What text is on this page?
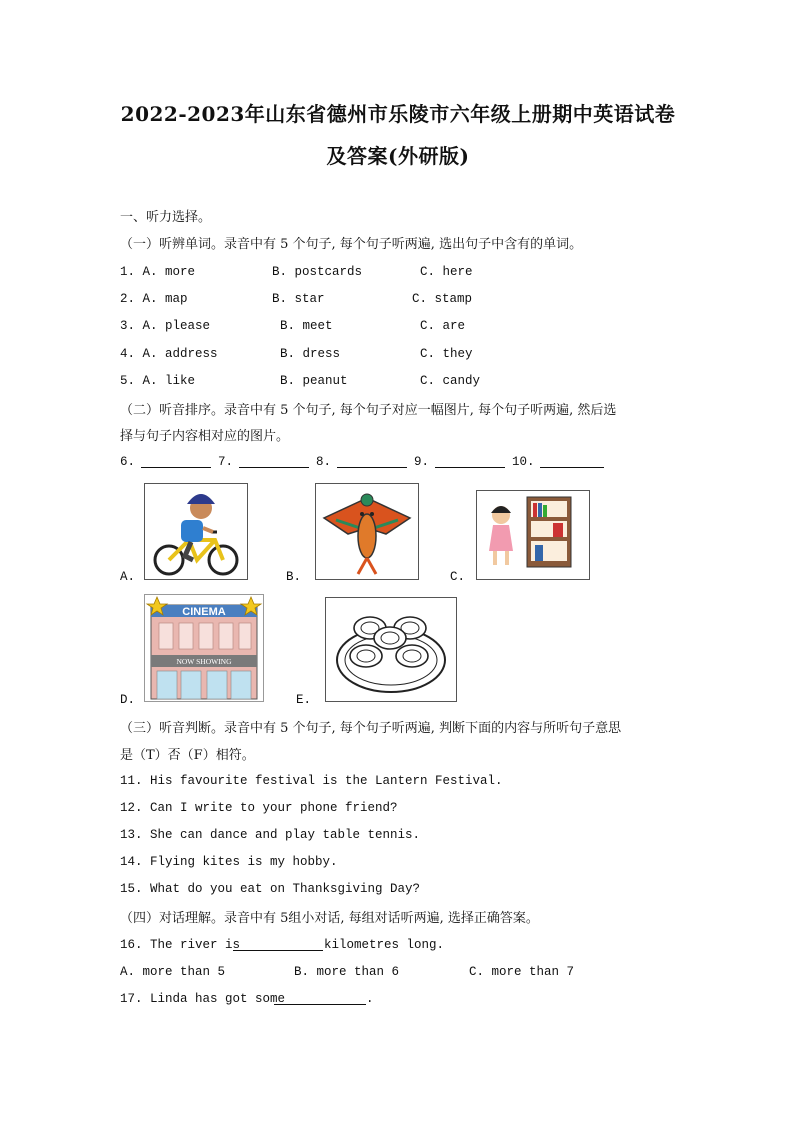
2022-2023年山东省德州市乐陵市六年级上册期中英语试卷
及答案(外研版)
一、听力选择。
（一）听辨单词。录音中有 5 个句子, 每个句子听两遍, 选出句子中含有的单词。
1. A. more	B. postcards	C. here
2. A. map	B. star	C. stamp
3. A. please	B. meet	C. are
4. A. address	B. dress	C. they
5. A. like	B. peanut	C. candy
（二）听音排序。录音中有 5 个句子, 每个句子对应一幅图片, 每个句子听两遍, 然后选
择与句子内容相对应的图片。
6.	7.	8.	9.	10.
A.	B.	C.
D.
CINEMA
NOW SHOWING
E.
（三）听音判断。录音中有 5 个句子, 每个句子听两遍, 判断下面的内容与所听句子意思
是（T）否（F）相符。
11. His favourite festival is the Lantern Festival.
12. Can I write to your phone friend?
13. She can dance and play table tennis.
14. Flying kites is my hobby.
15. What do you eat on Thanksgiving Day?
（四）对话理解。录音中有 5组小对话, 每组对话听两遍, 选择正确答案。
16. The river is	kilometres long.
A. more than 5	B. more than 6	C. more than 7
17. Linda has got some	.
